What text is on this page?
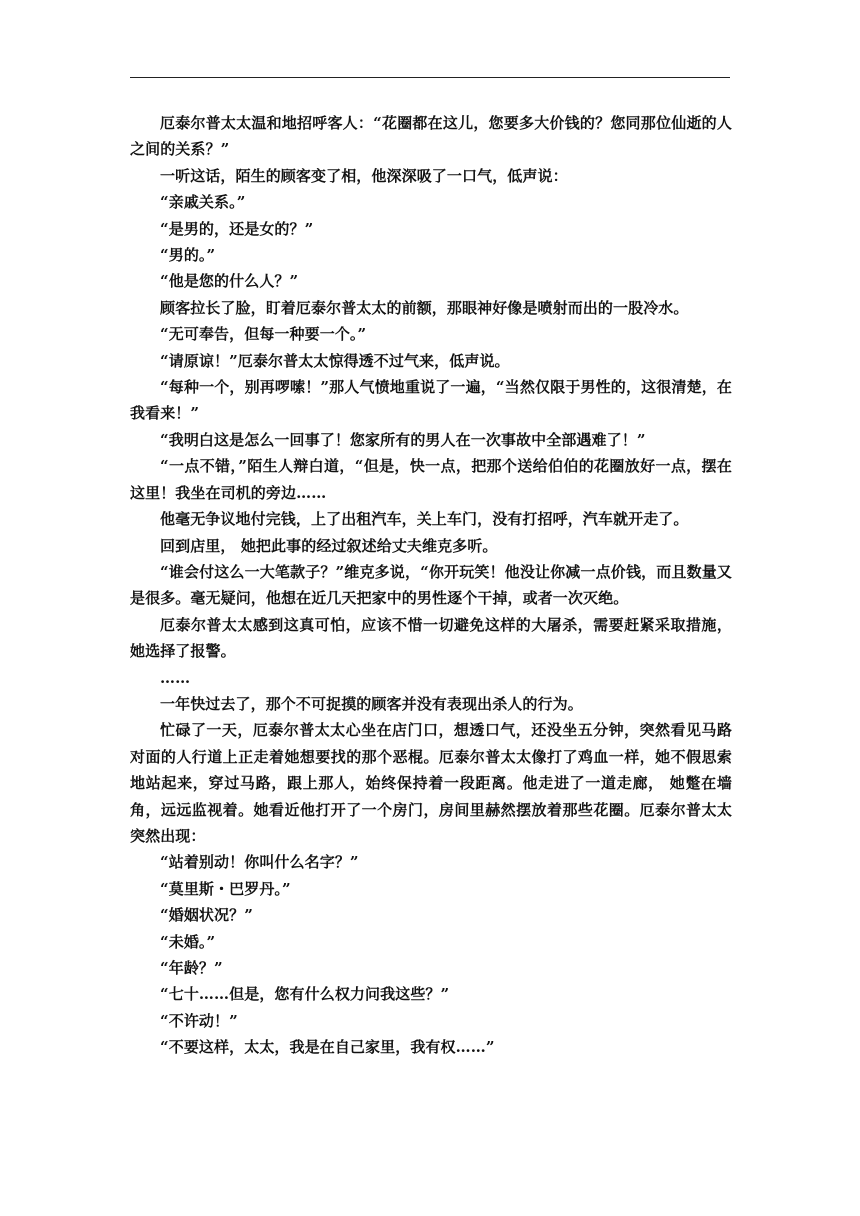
厄泰尔普太太温和地招呼客人：“花圈都在这儿，您要多大价钱的？您同那位仙逝的人之间的关系？”

一听这话，陌生的顾客变了相，他深深吸了一口气，低声说：

“亲戚关系。”

“是男的，还是女的？”

“男的。”

“他是您的什么人？”

顾客拉长了脸，盯着厄泰尔普太太的前额，那眼神好像是喷射而出的一股冷水。

“无可奉告，但每一种要一个。”

“请原谅！”厄泰尔普太太惊得透不过气来，低声说。

“每种一个，别再啰嗦！”那人气愤地重说了一遍，“当然仅限于男性的，这很清楚，在我看来！”

“我明白这是怎么一回事了！您家所有的男人在一次事故中全部遇难了！”

“一点不错，”陌生人辩白道，“但是，快一点，把那个送给伯伯的花圈放好一点，摆在这里！我坐在司机的旁边……

他毫无争议地付完钱，上了出租汽车，关上车门，没有打招呼，汽车就开走了。

回到店里， 她把此事的经过叙述给丈夫维克多听。

“谁会付这么一大笔款子？”维克多说，“你开玩笑！他没让你减一点价钱，而且数量又是很多。毫无疑问，他想在近几天把家中的男性逐个干掉，或者一次灭绝。

厄泰尔普太太感到这真可怕，应该不惜一切避免这样的大屠杀，需要赶紧采取措施，她选择了报警。

……

一年快过去了，那个不可捉摸的顾客并没有表现出杀人的行为。

忙碌了一天，厄泰尔普太太心坐在店门口，想透口气，还没坐五分钟，突然看见马路对面的人行道上正走着她想要找的那个恶棍。厄泰尔普太太像打了鸡血一样，她不假思索地站起来，穿过马路，跟上那人，始终保持着一段距离。他走进了一道走廊， 她蹩在墙角，远远监视着。她看近他打开了一个房门，房间里赫然摆放着那些花圈。厄泰尔普太太突然出现：

“站着别动！你叫什么名字？”

“莫里斯・巴罗丹。”

“婚姻状况？”

“未婚。”

“年龄？”

“七十……但是，您有什么权力问我这些？”

“不许动！”

“不要这样，太太，我是在自己家里，我有权……”
